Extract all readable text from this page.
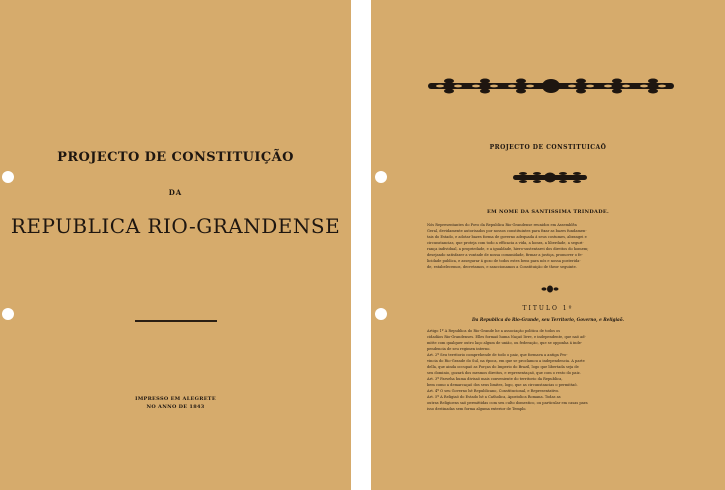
PROJECTO DE CONSTITUIÇÃO
DA
REPUBLICA RIO-GRANDENSE
IMPRESSO EM ALEGRETE
NO ANNO DE 1843
PROJECTO DE CONSTITUICAÕ
EM NOME DA SANTISSIMA TRINDADE.
Nós Representantes do Povo da Republica Rio-Grandense reunidos em Assemblêa
Geral, devidamente autorisados por nossos constituintes para fixar as bazes fundamen-
tais do Estado, e adotar bazes forma de governo adequada á seus costumes, abrangei e
circunstancias, que proteja com todo a efficacia a vida, a honra, a liberdade, a seguri-
rança individual, a propriedade, e a igualdade, hiero-sustentarei dos direitos do homem;
desejando satisfazer a vontade de nossa comunidade, firmar a justiça, promover o fe-
licidade publica, e assegurar á gozo de todos estes bens para nós e nossa posterida-
de, estabelecemos, decretamos, e sanccionamos a Constituição de theor seguinte.
TITULO 1º
Da Republica do Rio-Grande, seu Territorio, Governo, e Religiaõ.
Artigo 1º A Republica do Rio-Grande he a associação politica de todos os
cidadãos Rio-Grandenses. Elles formaõ huma Naçaõ livre, e independente, que naõ ad-
mitte com qualquer outro laço algum de união, ou federação, que se opponha á inde-
pendencia de seu regimen interno.
Art. 2º Seu territorio comprehende de todo o paiz, que formava a antiga Pro-
vincia do Rio-Grande do Sul, na época, em que se proclamou a independencia. A parte
della, que ainda occupaõ as Forças do Imperio do Brazil, logo que libertada seja de
seu dominio, gozará dos mesmos direitos, e representaçaõ, que com o resto do paiz.
Art. 3º Farseha huma divisaõ mais conveniente do territorio da Republica,
bem como a demarcaçaõ dos seus limites, logo, que as circunstancias o permittaõ.
Art. 4º O seu Governo hé Republicano, Constitucional, e Representativo.
Art. 5º A Religiaõ do Estado hé a Catholica, Apostolica Romana. Todas as
outras Religioens saõ permittidas com seu culto domestico, ou particular em casas para
isso destinadas sem forma alguma exterior de Templo.
